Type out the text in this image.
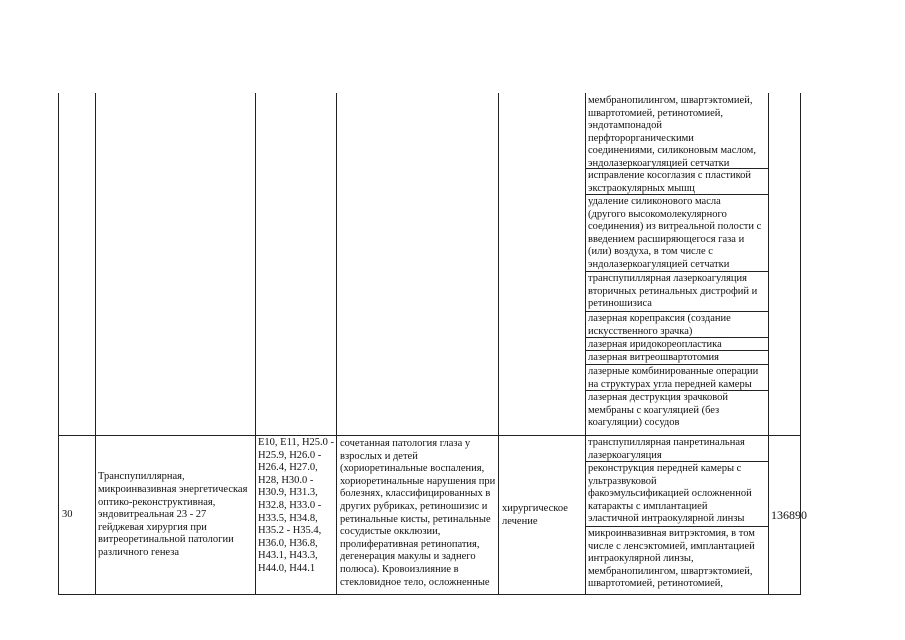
мембранопилингом, швартэктомией,
швартотомией, ретинотомией,
эндотампонадой
перфторорганическими
соединениями, силиконовым маслом,
эндолазеркоагуляцией сетчатки
исправление косоглазия с пластикой
экстраокулярных мышц
удаление силиконового масла
(другого высокомолекулярного
соединения) из витреальной полости с
введением расширяющегося газа и
(или) воздуха, в том числе с
эндолазеркоагуляцией сетчатки
транспупиллярная лазеркоагуляция
вторичных ретинальных дистрофий и
ретиношизиса
лазерная корепраксия (создание
искусственного зрачка)
лазерная иридокореопластика
лазерная витреошвартотомия
лазерные комбинированные операции
на структурах угла передней камеры
лазерная деструкция зрачковой
мембраны с коагуляцией (без
коагуляции) сосудов
30
Транспупиллярная,
микроинвазивная энергетическая
оптико-реконструктивная,
эндовитреальная 23 - 27
гейджевая хирургия при
витреоретинальной патологии
различного генеза
E10, E11, H25.0 -
H25.9, H26.0 -
H26.4, H27.0,
H28, H30.0 -
H30.9, H31.3,
H32.8, H33.0 -
H33.5, H34.8,
H35.2 - H35.4,
H36.0, H36.8,
H43.1, H43.3,
H44.0, H44.1
сочетанная патология глаза у
взрослых и детей
(хориоретинальные воспаления,
хориоретинальные нарушения при
болезнях, классифицированных в
других рубриках, ретиношизис и
ретинальные кисты, ретинальные
сосудистые окклюзии,
пролиферативная ретинопатия,
дегенерация макулы и заднего
полюса). Кровоизлияние в
стекловидное тело, осложненные
хирургическое
лечение
транспупиллярная панретинальная
лазеркоагуляция
реконструкция передней камеры с
ультразвуковой
факоэмульсификацией осложненной
катаракты с имплантацией
эластичной интраокулярной линзы
микроинвазивная витрэктомия, в том
числе с ленсэктомией, имплантацией
интраокулярной линзы,
мембранопилингом, швартэктомией,
швартотомией, ретинотомией,
136890
